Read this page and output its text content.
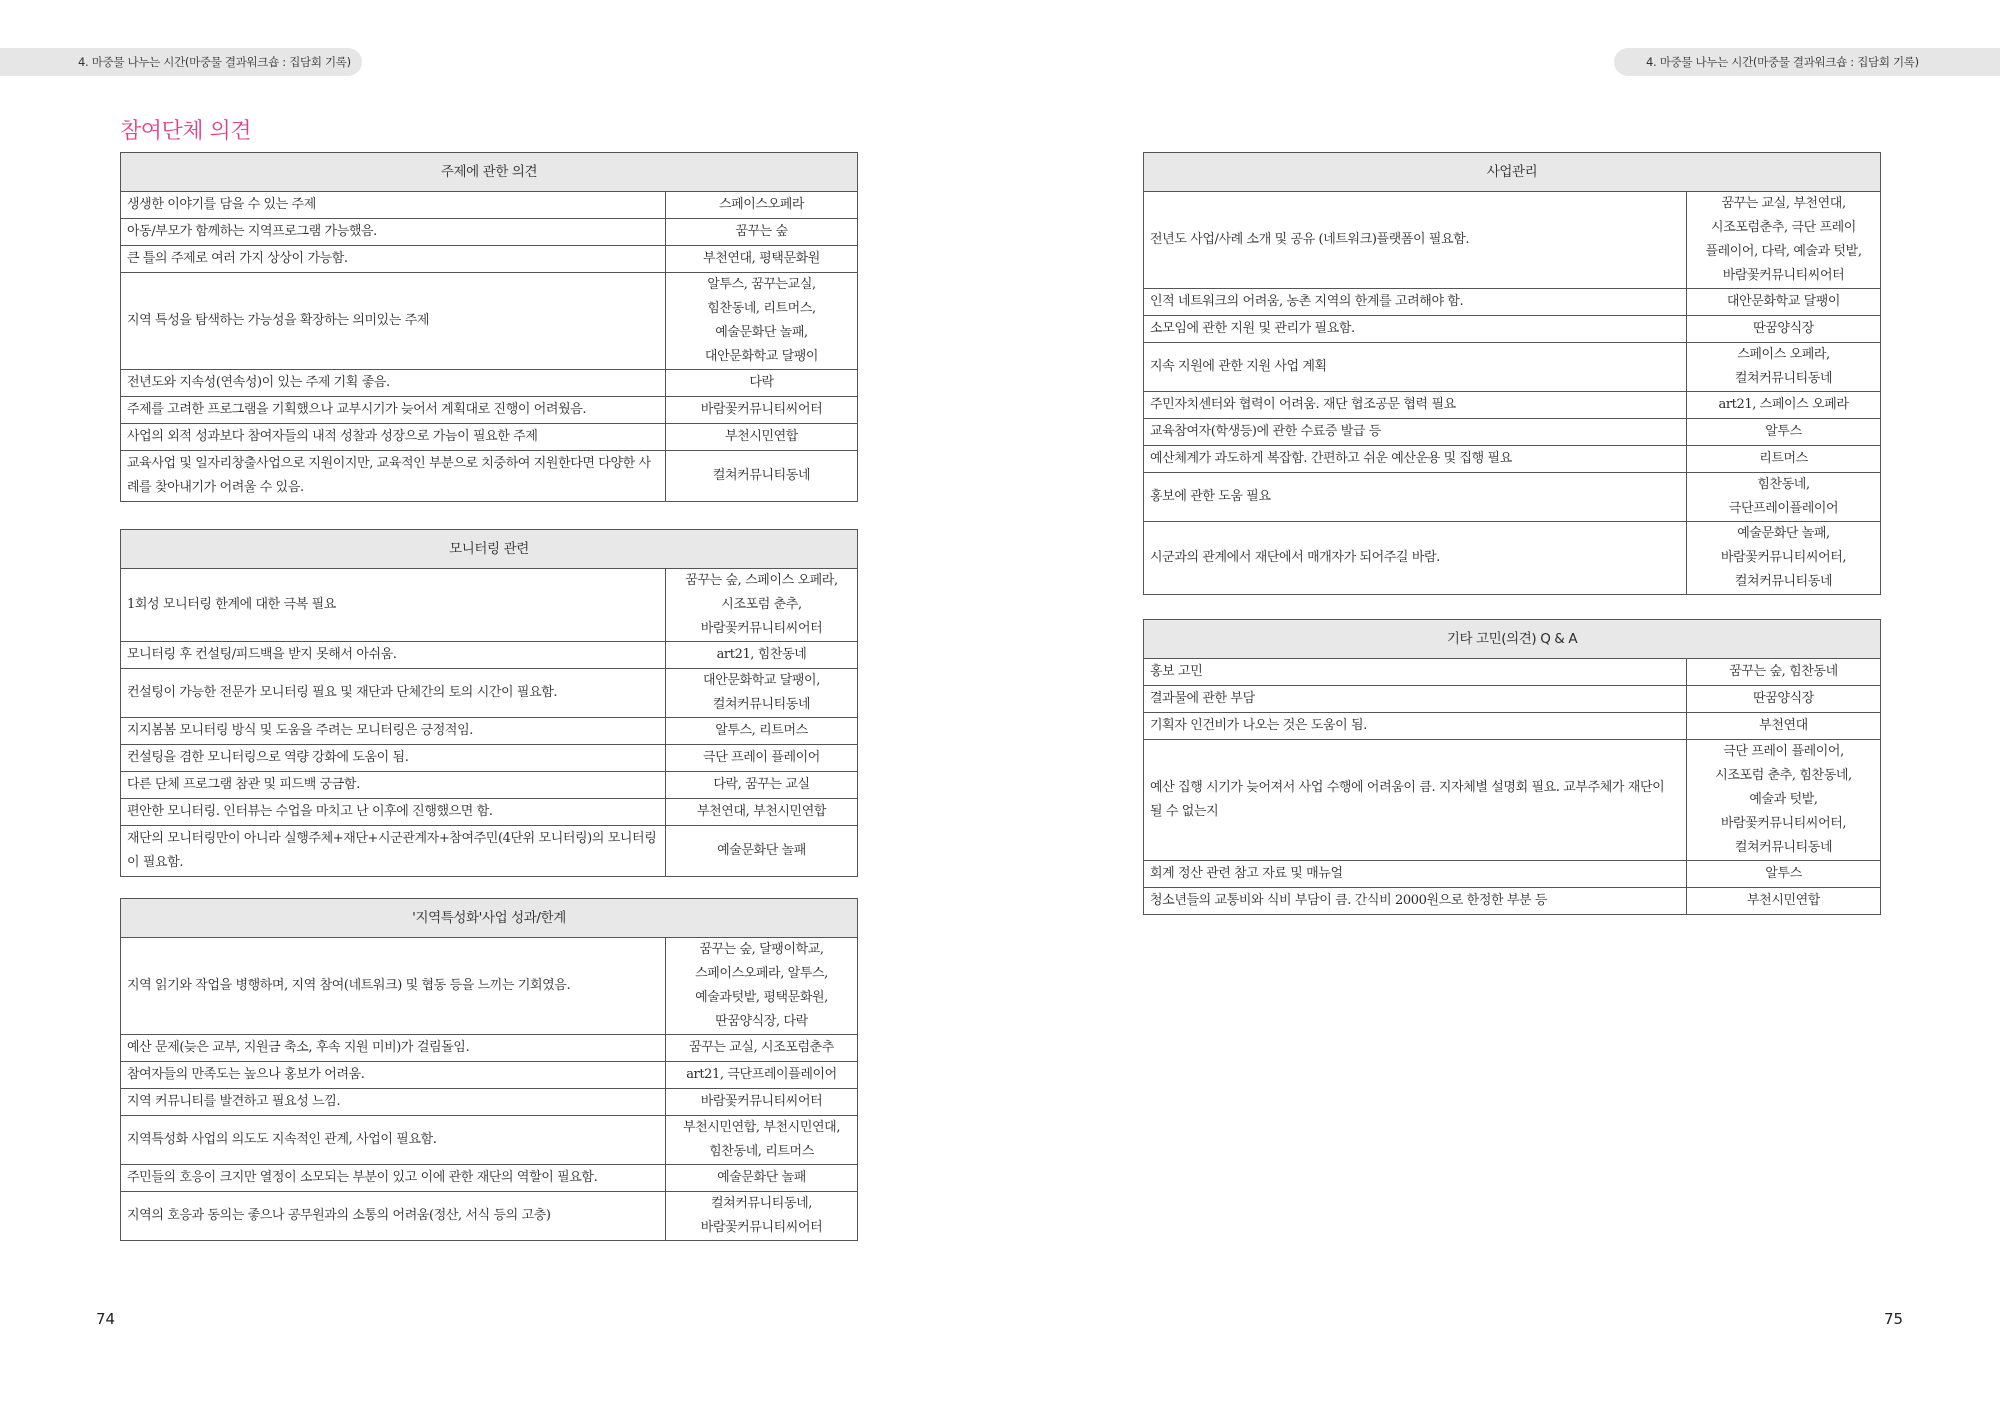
4. 마중물 나누는 시간(마중물 결과워크숍 : 집담회 기록)	4. 마중물 나누는 시간(마중물 결과워크숍 : 집담회 기록)
참여단체 의견
주제에 관한 의견	
생생한 이야기를 담을 수 있는 주제	스페이스오페라
아동/부모가 함께하는 지역프로그램 가능했음.	꿈꾸는 숲
큰 틀의 주제로 여러 가지 상상이 가능함.	부천연대, 평택문화원
지역 특성을 탐색하는 가능성을 확장하는 의미있는 주제	알투스, 꿈꾸는교실,
힘찬동네, 리트머스,
예술문화단 놀패,
대안문화학교 달팽이
전년도와 지속성(연속성)이 있는 주제 기획 좋음.	다락
주제를 고려한 프로그램을 기획했으나 교부시기가 늦어서 계획대로 진행이 어려웠음.	바람꽃커뮤니티씨어터
사업의 외적 성과보다 참여자들의 내적 성찰과 성장으로 가늠이 필요한 주제	부천시민연합
교육사업 및 일자리창출사업으로 지원이지만, 교육적인 부분으로 치중하여 지원한다면 다양한 사례를 찾아내기가 어려울 수 있음.	컬쳐커뮤니티동네
모니터링 관련	
1회성 모니터링 한계에 대한 극복 필요	꿈꾸는 숲, 스페이스 오페라,
시조포럼 춘추,
바람꽃커뮤니티씨어터
모니터링 후 컨설팅/피드백을 받지 못해서 아쉬움.	art21, 힘찬동네
컨설팅이 가능한 전문가 모니터링 필요 및 재단과 단체간의 토의 시간이 필요함.	대안문화학교 달팽이,
컬쳐커뮤니티동네
지지봄봄 모니터링 방식 및 도움을 주려는 모니터링은 긍정적임.	알투스, 리트머스
컨설팅을 겸한 모니터링으로 역량 강화에 도움이 됨.	극단 프레이 플레이어
다른 단체 프로그램 참관 및 피드백 궁금함.	다락, 꿈꾸는 교실
편안한 모니터링. 인터뷰는 수업을 마치고 난 이후에 진행했으면 함.	부천연대, 부천시민연합
재단의 모니터링만이 아니라 실행주체+재단+시군관계자+참여주민(4단위 모니터링)의 모니터링이 필요함.	예술문화단 놀패
'지역특성화'사업 성과/한계	
지역 읽기와 작업을 병행하며, 지역 참여(네트워크) 및 협동 등을 느끼는 기회였음.	꿈꾸는 숲, 달팽이학교,
스페이스오페라, 알투스,
예술과텃밭, 평택문화원,
딴꿈양식장, 다락
예산 문제(늦은 교부, 지원금 축소, 후속 지원 미비)가 걸림돌임.	꿈꾸는 교실, 시조포럼춘추
참여자들의 만족도는 높으나 홍보가 어려움.	art21, 극단프레이플레이어
지역 커뮤니티를 발견하고 필요성 느낌.	바람꽃커뮤니티씨어터
지역특성화 사업의 의도도 지속적인 관계, 사업이 필요함.	부천시민연합, 부천시민연대,
힘찬동네, 리트머스
주민들의 호응이 크지만 열정이 소모되는 부분이 있고 이에 관한 재단의 역할이 필요함.	예술문화단 놀패
지역의 호응과 동의는 좋으나 공무원과의 소통의 어려움(정산, 서식 등의 고충)	컬쳐커뮤니티동네,
바람꽃커뮤니티씨어터
사업관리	
전년도 사업/사례 소개 및 공유 (네트워크)플랫폼이 필요함.	꿈꾸는 교실, 부천연대,
시조포럼춘추, 극단 프레이
플레이어, 다락, 예술과 텃밭,
바람꽃커뮤니티씨어터
인적 네트워크의 어려움, 농촌 지역의 한계를 고려해야 함.	대안문화학교 달팽이
소모임에 관한 지원 및 관리가 필요함.	딴꿈양식장
지속 지원에 관한 지원 사업 계획	스페이스 오페라,
컬쳐커뮤니티동네
주민자치센터와 협력이 어려움. 재단 협조공문 협력 필요	art21, 스페이스 오페라
교육참여자(학생등)에 관한 수료증 발급 등	알투스
예산체계가 과도하게 복잡함. 간편하고 쉬운 예산운용 및 집행 필요	리트머스
홍보에 관한 도움 필요	힘찬동네,
극단프레이플레이어
시군과의 관계에서 재단에서 매개자가 되어주길 바람.	예술문화단 놀패,
바람꽃커뮤니티씨어터,
컬쳐커뮤니티동네
기타 고민(의견) Q & A	
홍보 고민	꿈꾸는 숲, 힘찬동네
결과물에 관한 부담	딴꿈양식장
기획자 인건비가 나오는 것은 도움이 됨.	부천연대
예산 집행 시기가 늦어져서 사업 수행에 어려움이 큼. 지자체별 설명회 필요. 교부주체가 재단이 될 수 없는지	극단 프레이 플레이어,
시조포럼 춘추, 힘찬동네,
예술과 텃밭,
바람꽃커뮤니티씨어터,
컬쳐커뮤니티동네
회계 정산 관련 참고 자료 및 매뉴얼	알투스
청소년들의 교통비와 식비 부담이 큼. 간식비 2000원으로 한정한 부분 등	부천시민연합
74	75
